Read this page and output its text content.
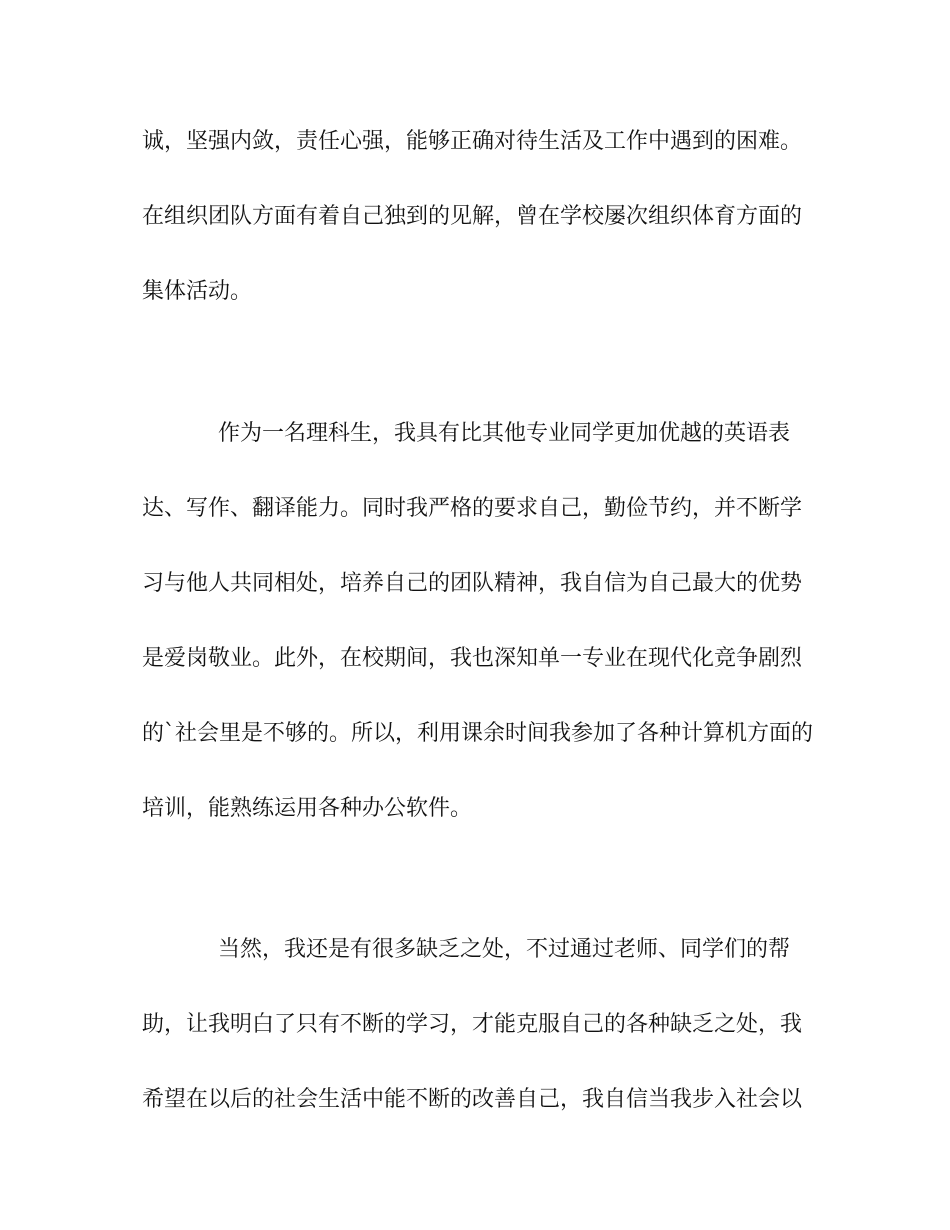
诚，坚强内敛，责任心强，能够正确对待生活及工作中遇到的困难。
在组织团队方面有着自己独到的见解，曾在学校屡次组织体育方面的
集体活动。
作为一名理科生，我具有比其他专业同学更加优越的英语表
达、写作、翻译能力。同时我严格的要求自己，勤俭节约，并不断学
习与他人共同相处，培养自己的团队精神，我自信为自己最大的优势
是爱岗敬业。此外，在校期间，我也深知单一专业在现代化竞争剧烈
的`社会里是不够的。所以，利用课余时间我参加了各种计算机方面的
培训，能熟练运用各种办公软件。
当然，我还是有很多缺乏之处，不过通过老师、同学们的帮
助，让我明白了只有不断的学习，才能克服自己的各种缺乏之处，我
希望在以后的社会生活中能不断的改善自己，我自信当我步入社会以
